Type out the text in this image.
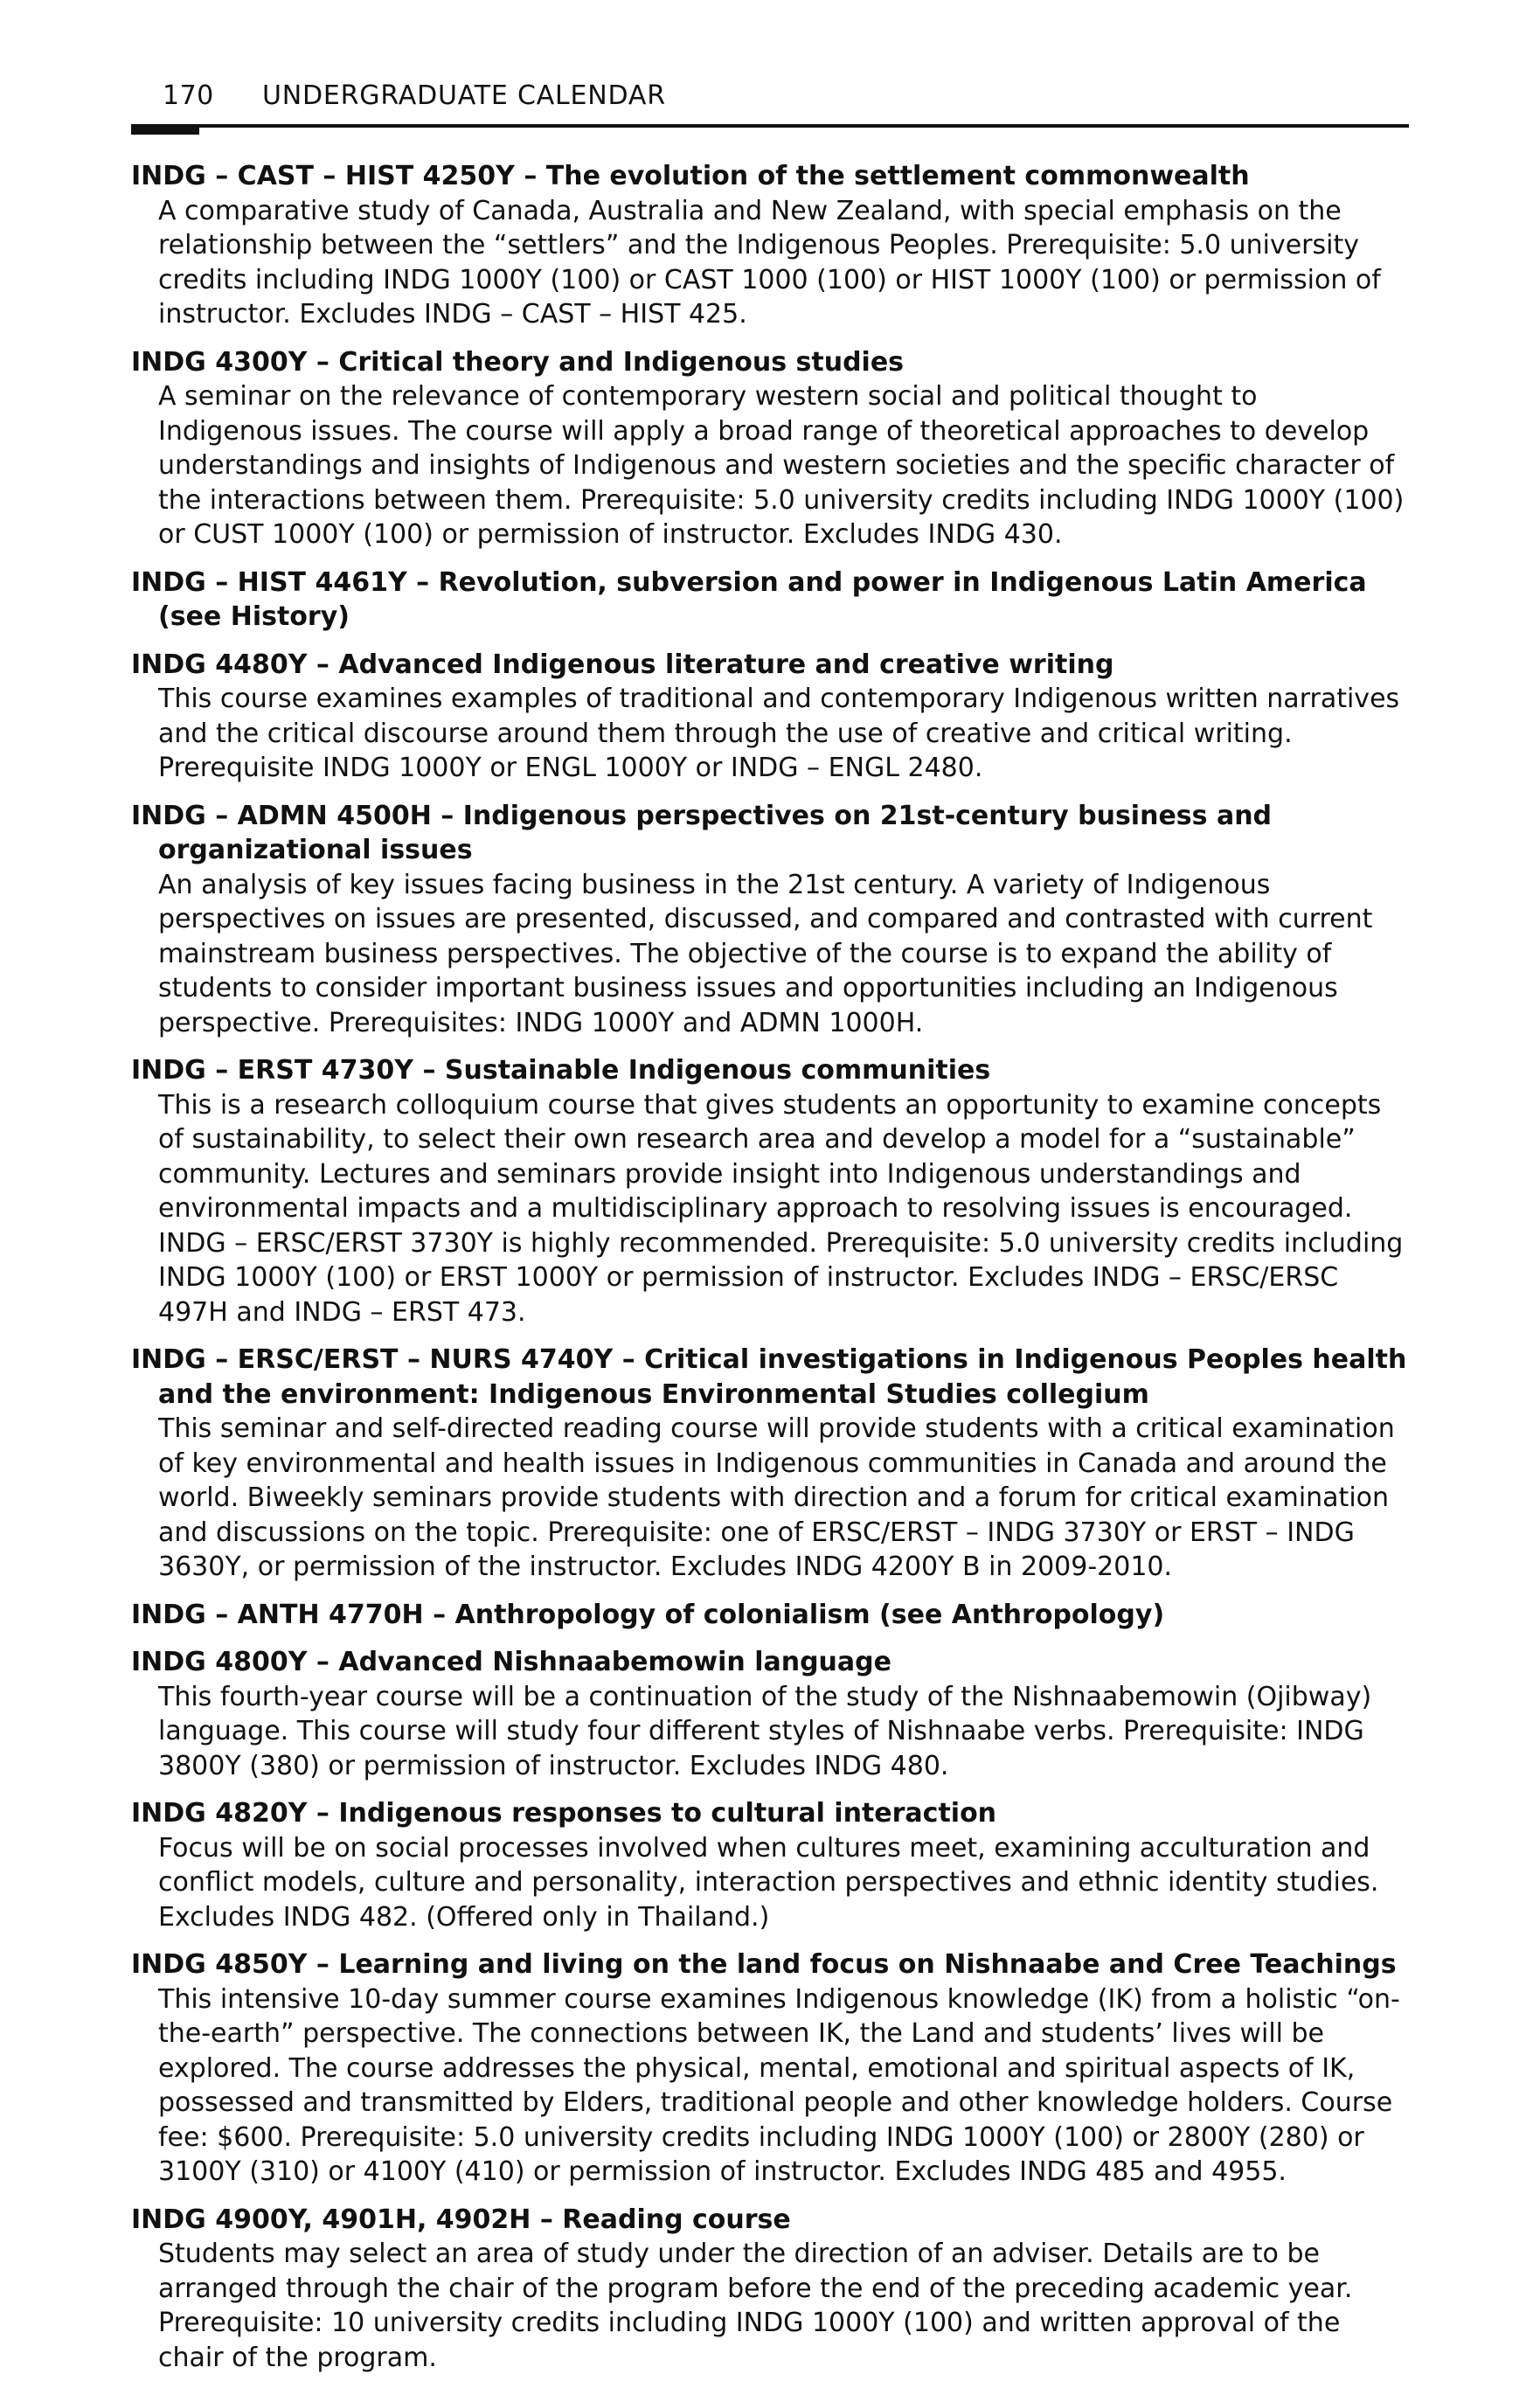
170 UNDERGRADUATE CALENDAR
INDG – CAST – HIST 4250Y – The evolution of the settlement commonwealth
A comparative study of Canada, Australia and New Zealand, with special emphasis on the relationship between the “settlers” and the Indigenous Peoples. Prerequisite: 5.0 university credits including INDG 1000Y (100) or CAST 1000 (100) or HIST 1000Y (100) or permission of instructor. Excludes INDG – CAST – HIST 425.
INDG 4300Y – Critical theory and Indigenous studies
A seminar on the relevance of contemporary western social and political thought to Indigenous issues. The course will apply a broad range of theoretical approaches to develop understandings and insights of Indigenous and western societies and the specific character of the interactions between them. Prerequisite: 5.0 university credits including INDG 1000Y (100) or CUST 1000Y (100) or permission of instructor. Excludes INDG 430.
INDG – HIST 4461Y – Revolution, subversion and power in Indigenous Latin America (see History)
INDG 4480Y – Advanced Indigenous literature and creative writing
This course examines examples of traditional and contemporary Indigenous written narratives and the critical discourse around them through the use of creative and critical writing. Prerequisite INDG 1000Y or ENGL 1000Y or INDG – ENGL 2480.
INDG – ADMN 4500H – Indigenous perspectives on 21st-century business and organizational issues
An analysis of key issues facing business in the 21st century. A variety of Indigenous perspectives on issues are presented, discussed, and compared and contrasted with current mainstream business perspectives. The objective of the course is to expand the ability of students to consider important business issues and opportunities including an Indigenous perspective. Prerequisites: INDG 1000Y and ADMN 1000H.
INDG – ERST 4730Y – Sustainable Indigenous communities
This is a research colloquium course that gives students an opportunity to examine concepts of sustainability, to select their own research area and develop a model for a “sustainable” community. Lectures and seminars provide insight into Indigenous understandings and environmental impacts and a multidisciplinary approach to resolving issues is encouraged. INDG – ERSC/ERST 3730Y is highly recommended. Prerequisite: 5.0 university credits including INDG 1000Y (100) or ERST 1000Y or permission of instructor. Excludes INDG – ERSC/ERSC 497H and INDG – ERST 473.
INDG – ERSC/ERST – NURS 4740Y – Critical investigations in Indigenous Peoples health and the environment: Indigenous Environmental Studies collegium
This seminar and self-directed reading course will provide students with a critical examination of key environmental and health issues in Indigenous communities in Canada and around the world. Biweekly seminars provide students with direction and a forum for critical examination and discussions on the topic. Prerequisite: one of ERSC/ERST – INDG 3730Y or ERST – INDG 3630Y, or permission of the instructor. Excludes INDG 4200Y B in 2009-2010.
INDG – ANTH 4770H – Anthropology of colonialism (see Anthropology)
INDG 4800Y – Advanced Nishnaabemowin language
This fourth-year course will be a continuation of the study of the Nishnaabemowin (Ojibway) language. This course will study four different styles of Nishnaabe verbs. Prerequisite: INDG 3800Y (380) or permission of instructor. Excludes INDG 480.
INDG 4820Y – Indigenous responses to cultural interaction
Focus will be on social processes involved when cultures meet, examining acculturation and conflict models, culture and personality, interaction perspectives and ethnic identity studies. Excludes INDG 482. (Offered only in Thailand.)
INDG 4850Y – Learning and living on the land focus on Nishnaabe and Cree Teachings
This intensive 10-day summer course examines Indigenous knowledge (IK) from a holistic “on-the-earth” perspective. The connections between IK, the Land and students’ lives will be explored. The course addresses the physical, mental, emotional and spiritual aspects of IK, possessed and transmitted by Elders, traditional people and other knowledge holders. Course fee: $600. Prerequisite: 5.0 university credits including INDG 1000Y (100) or 2800Y (280) or 3100Y (310) or 4100Y (410) or permission of instructor. Excludes INDG 485 and 4955.
INDG 4900Y, 4901H, 4902H – Reading course
Students may select an area of study under the direction of an adviser. Details are to be arranged through the chair of the program before the end of the preceding academic year. Prerequisite: 10 university credits including INDG 1000Y (100) and written approval of the chair of the program.
